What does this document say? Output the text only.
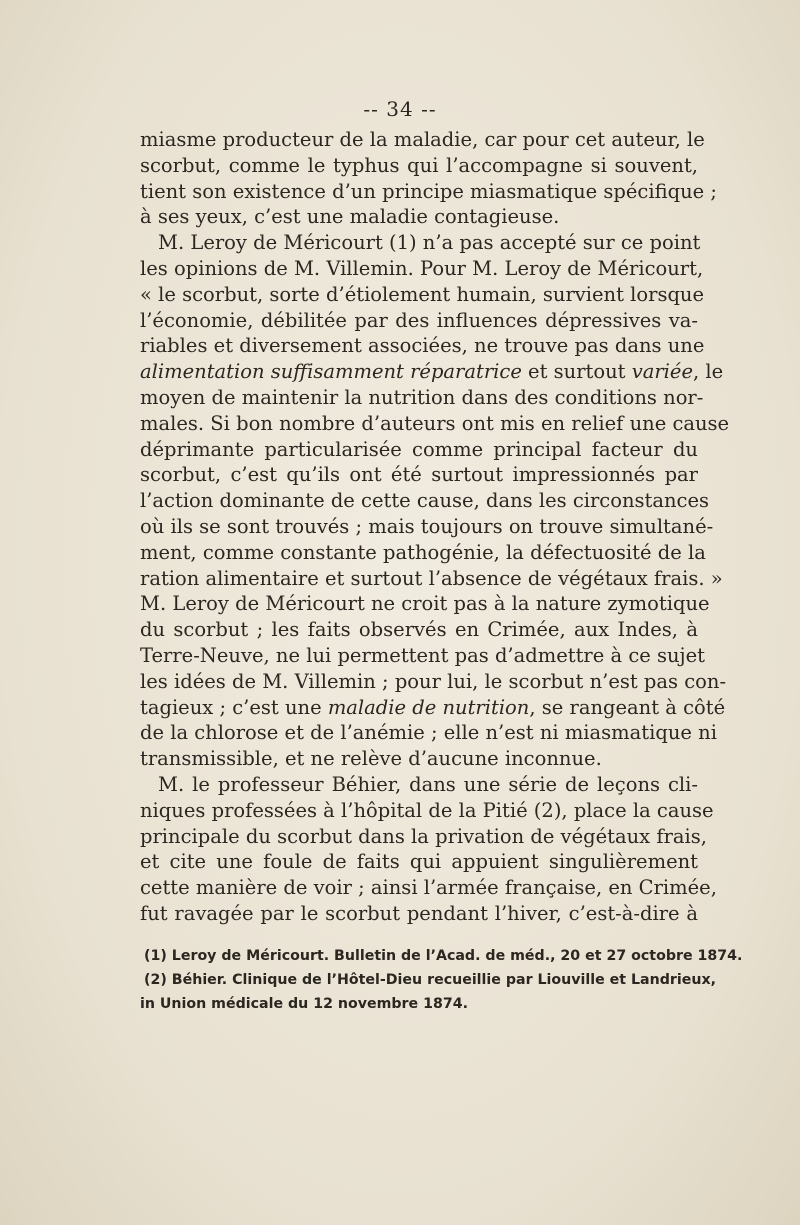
-- 34 --
miasme producteur de la maladie, car pour cet auteur, le
scorbut, comme le typhus qui l’accompagne si souvent,
tient son existence d’un principe miasmatique spécifique ;
à ses yeux, c’est une maladie contagieuse.
M. Leroy de Méricourt (1) n’a pas accepté sur ce point
les opinions de M. Villemin. Pour M. Leroy de Méricourt,
« le scorbut, sorte d’étiolement humain, survient lorsque
l’économie, débilitée par des influences dépressives va-
riables et diversement associées, ne trouve pas dans une
alimentation suffisamment réparatrice et surtout variée, le
moyen de maintenir la nutrition dans des conditions nor-
males. Si bon nombre d’auteurs ont mis en relief une cause
déprimante particularisée comme principal facteur du
scorbut, c’est qu’ils ont été surtout impressionnés par
l’action dominante de cette cause, dans les circonstances
où ils se sont trouvés ; mais toujours on trouve simultané-
ment, comme constante pathogénie, la défectuosité de la
ration alimentaire et surtout l’absence de végétaux frais. »
M. Leroy de Méricourt ne croit pas à la nature zymotique
du scorbut ; les faits observés en Crimée, aux Indes, à
Terre-Neuve, ne lui permettent pas d’admettre à ce sujet
les idées de M. Villemin ; pour lui, le scorbut n’est pas con-
tagieux ; c’est une maladie de nutrition, se rangeant à côté
de la chlorose et de l’anémie ; elle n’est ni miasmatique ni
transmissible, et ne relève d’aucune inconnue.
M. le professeur Béhier, dans une série de leçons cli-
niques professées à l’hôpital de la Pitié (2), place la cause
principale du scorbut dans la privation de végétaux frais,
et cite une foule de faits qui appuient singulièrement
cette manière de voir ; ainsi l’armée française, en Crimée,
fut ravagée par le scorbut pendant l’hiver, c’est-à-dire à
(1) Leroy de Méricourt. Bulletin de l’Acad. de méd., 20 et 27 octobre 1874.
(2) Béhier. Clinique de l’Hôtel-Dieu recueillie par Liouville et Landrieux,
in Union médicale du 12 novembre 1874.
